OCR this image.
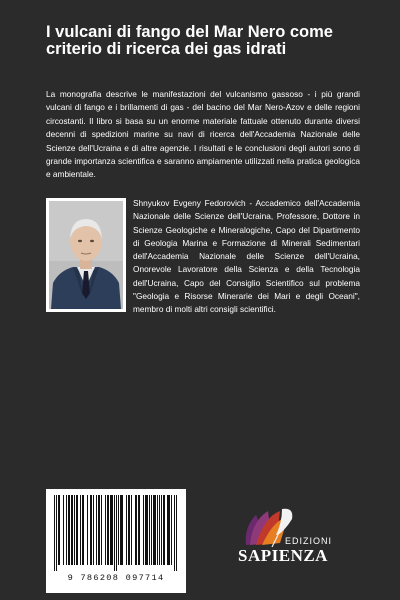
I vulcani di fango del Mar Nero come criterio di ricerca dei gas idrati

La monografia descrive le manifestazioni del vulcanismo gassoso - i più grandi vulcani di fango e i brillamenti di gas - del bacino del Mar Nero-Azov e delle regioni circostanti. Il libro si basa su un enorme materiale fattuale ottenuto durante diversi decenni di spedizioni marine su navi di ricerca dell'Accademia Nazionale delle Scienze dell'Ucraina e di altre agenzie. I risultati e le conclusioni degli autori sono di grande importanza scientifica e saranno ampiamente utilizzati nella pratica geologica e ambientale.

Shnyukov Evgeny Fedorovich - Accademico dell'Accademia Nazionale delle Scienze dell'Ucraina, Professore, Dottore in Scienze Geologiche e Mineralogiche, Capo del Dipartimento di Geologia Marina e Formazione di Minerali Sedimentari dell'Accademia Nazionale delle Scienze dell'Ucraina, Onorevole Lavoratore della Scienza e della Tecnologia dell'Ucraina, Capo del Consiglio Scientifico sul problema "Geologia e Risorse Minerarie dei Mari e degli Oceani", membro di molti altri consigli scientifici.

9 786208 097714
EDIZIONI
SAPIENZA
